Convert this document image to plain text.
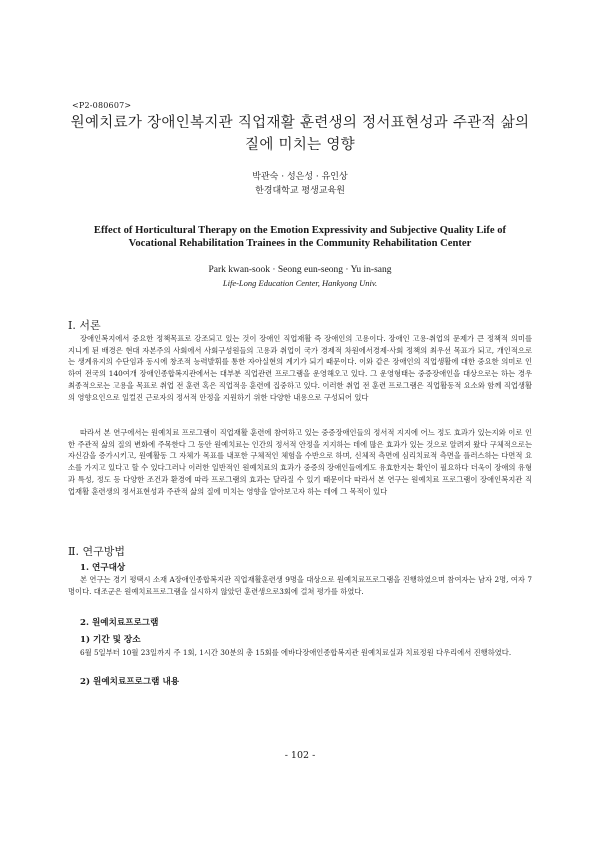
<P2-080607>
원예치료가 장애인복지관 직업재활 훈련생의 정서표현성과 주관적 삶의
질에 미치는 영향
박관숙 · 성은성 · 유인상
한경대학교 평생교육원
Effect of Horticultural Therapy on the Emotion Expressivity and Subjective Quality Life of
Vocational Rehabilitation Trainees in the Community Rehabilitation Center
Park kwan-sook · Seong eun-seong · Yu in-sang
Life-Long Education Center, Hankyong Univ.
Ⅰ. 서론

장애인복지에서 중요한 정책목표로 강조되고 있는 것이 장애인 직업재활 즉 장애인의 고용이다. 장애인 고용·취업의 문제가 큰 정책적 의미를 지니게 된 배경은 현대 자본주의 사회에서 사회구성원들의 고용과 취업이 국가 경제적 차원에서경제·사회 정책의 최우선 목표가 되고, 개인적으로는 생계유지의 수단임과 동시에 창조적 능력발휘를 통한 자아실현의 계기가 되기 때문이다. 이와 같은 장애인의 직업생활에 대한 중요한 의미로 인하여 전국의 140여개 장애인종합복지관에서는 대부분 직업관련 프로그램을 운영해오고 있다. 그 운영형태는 중증장애인을 대상으로는 하는 경우 최종적으로는 고용을 목표로 취업 전 훈련 혹은 직업적응 훈련에 집중하고 있다. 이러한 취업 전 훈련 프로그램은 직업활동적 요소와 함께 직업생활의 영향요인으로 일컬진 근로자의 정서적 안정을 지원하기 위한 다양한 내용으로 구성되어 있다

따라서 본 연구에서는 원예치료 프로그램이 직업재활 훈련에 참여하고 있는 중증장애인들의 정서적 지지에 어느 정도 효과가 있는지와 이로 인한 주관적 삶의 질의 변화에 주목한다 그 동안 원예치료는 인간의 정서적 안정을 지지하는 데에 많은 효과가 있는 것으로 알려져 왔다 구체적으로는 자신감을 증가시키고, 원예활동 그 자체가 목표를 내포한 구체적인 체험을 수반으로 하며, 신체적 측면에 심리치료적 측면을 플러스하는 다면적 요소를 가지고 있다고 할 수 있다그러나 이러한 일반적인 원예치료의 효과가 중증의 장애인들에게도 유효한지는 확인이 필요하다 더욱이 장애의 유형과 특성, 정도 등 다양한 조건과 환경에 따라 프로그램의 효과는 달라질 수 있기 때문이다 따라서 본 연구는 원예치료 프로그램이 장애인복지관 직업재활 훈련생의 정서표현성과 주관적 삶의 질에 미치는 영향을 알아보고자 하는 데에 그 목적이 있다

Ⅱ. 연구방법
1. 연구대상

본 연구는 경기 평택시 소재 A장애인종합복지관 직업재활훈련생 9명을 대상으로 원예치료프로그램을 진행하였으며 참여자는 남자 2명, 여자 7명이다. 대조군은 원예치료프로그램을 실시하지 않았던 훈련생으로3회에 걸쳐 평가를 하였다.

2. 원예치료프로그램
1) 기간 및 장소

6월 5일부터 10월 23일까지 주 1회, 1시간 30분의 총 15회를 에바다장애인종합복지관 원예치료실과 치료정원 다우리에서 진행하였다.

2) 원예치료프로그램 내용
- 102 -
